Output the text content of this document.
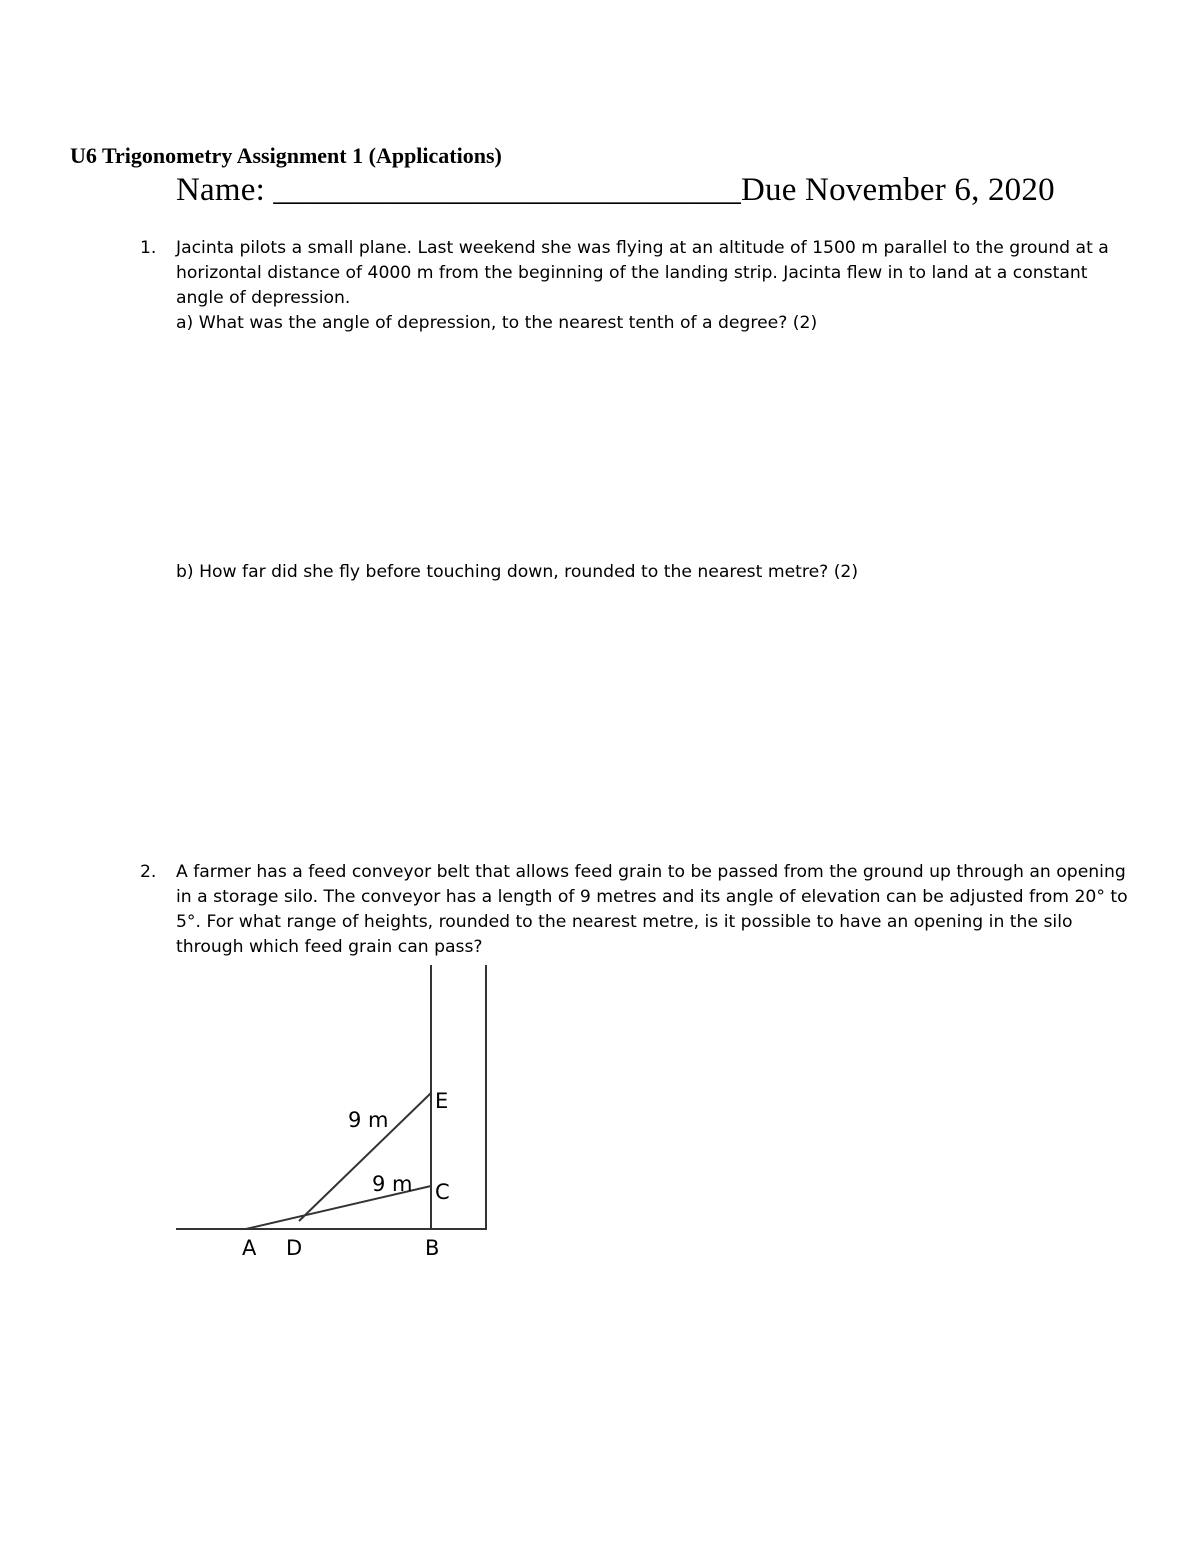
U6 Trigonometry Assignment 1 (Applications)
Name: ____________________________Due November 6, 2020
1. Jacinta pilots a small plane. Last weekend she was flying at an altitude of 1500 m parallel to the ground at a
horizontal distance of 4000 m from the beginning of the landing strip. Jacinta flew in to land at a constant
angle of depression.
a) What was the angle of depression, to the nearest tenth of a degree? (2)
b) How far did she fly before touching down, rounded to the nearest metre? (2)
2. A farmer has a feed conveyor belt that allows feed grain to be passed from the ground up through an opening
in a storage silo. The conveyor has a length of 9 metres and its angle of elevation can be adjusted from 20° to
5°. For what range of heights, rounded to the nearest metre, is it possible to have an opening in the silo
through which feed grain can pass?
9 m
9 m
E
C
A D	B
